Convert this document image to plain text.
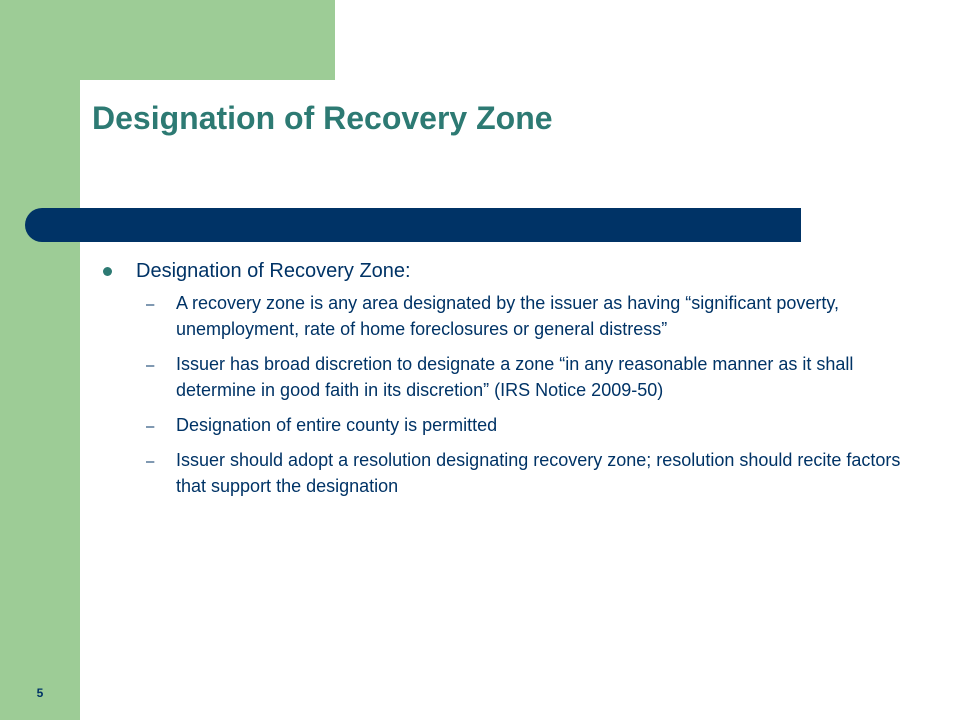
Designation of Recovery Zone
Designation of Recovery Zone:
– A recovery zone is any area designated by the issuer as having “significant poverty, unemployment, rate of home foreclosures or general distress”
– Issuer has broad discretion to designate a zone “in any reasonable manner as it shall determine in good faith in its discretion” (IRS Notice 2009-50)
– Designation of entire county is permitted
– Issuer should adopt a resolution designating recovery zone; resolution should recite factors that support the designation
5
